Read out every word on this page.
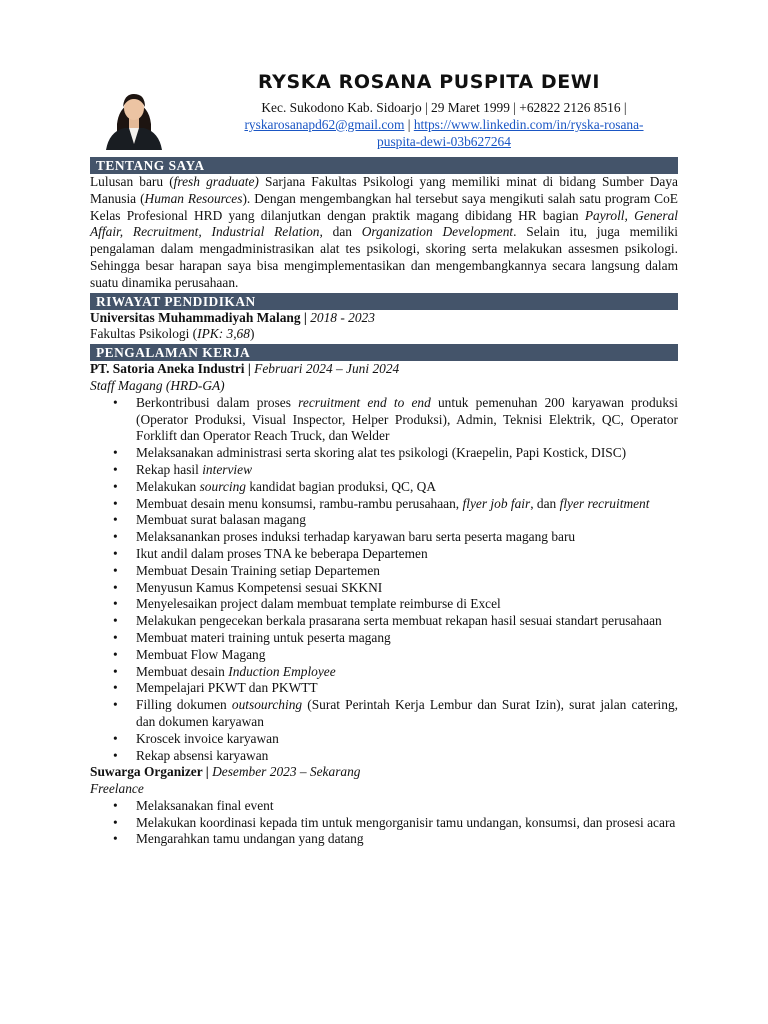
RYSKA ROSANA PUSPITA DEWI
Kec. Sukodono Kab. Sidoarjo | 29 Maret 1999 | +62822 2126 8516 |
ryskarosanapd62@gmail.com | https://www.linkedin.com/in/ryska-rosana-
puspita-dewi-03b627264
TENTANG SAYA
Lulusan baru (fresh graduate) Sarjana Fakultas Psikologi yang memiliki minat di bidang Sumber Daya Manusia (Human Resources). Dengan mengembangkan hal tersebut saya mengikuti salah satu program CoE Kelas Profesional HRD yang dilanjutkan dengan praktik magang dibidang HR bagian Payroll, General Affair, Recruitment, Industrial Relation, dan Organization Development. Selain itu, juga memiliki pengalaman dalam mengadministrasikan alat tes psikologi, skoring serta melakukan assesmen psikologi. Sehingga besar harapan saya bisa mengimplementasikan dan mengembangkannya secara langsung dalam suatu dinamika perusahaan.
RIWAYAT PENDIDIKAN
Universitas Muhammadiyah Malang | 2018 - 2023
Fakultas Psikologi (IPK: 3,68)
PENGALAMAN KERJA
PT. Satoria Aneka Industri | Februari 2024 – Juni 2024
Staff Magang (HRD-GA)
• Berkontribusi dalam proses recruitment end to end untuk pemenuhan 200 karyawan produksi (Operator Produksi, Visual Inspector, Helper Produksi), Admin, Teknisi Elektrik, QC, Operator Forklift dan Operator Reach Truck, dan Welder
• Melaksanakan administrasi serta skoring alat tes psikologi (Kraepelin, Papi Kostick, DISC)
• Rekap hasil interview
• Melakukan sourcing kandidat bagian produksi, QC, QA
• Membuat desain menu konsumsi, rambu-rambu perusahaan, flyer job fair, dan flyer recruitment
• Membuat surat balasan magang
• Melaksanankan proses induksi terhadap karyawan baru serta peserta magang baru
• Ikut andil dalam proses TNA ke beberapa Departemen
• Membuat Desain Training setiap Departemen
• Menyusun Kamus Kompetensi sesuai SKKNI
• Menyelesaikan project dalam membuat template reimburse di Excel
• Melakukan pengecekan berkala prasarana serta membuat rekapan hasil sesuai standart perusahaan
• Membuat materi training untuk peserta magang
• Membuat Flow Magang
• Membuat desain Induction Employee
• Mempelajari PKWT dan PKWTT
• Filling dokumen outsourching (Surat Perintah Kerja Lembur dan Surat Izin), surat jalan catering, dan dokumen karyawan
• Kroscek invoice karyawan
• Rekap absensi karyawan
Suwarga Organizer | Desember 2023 – Sekarang
Freelance
• Melaksanakan final event
• Melakukan koordinasi kepada tim untuk mengorganisir tamu undangan, konsumsi, dan prosesi acara
• Mengarahkan tamu undangan yang datang
